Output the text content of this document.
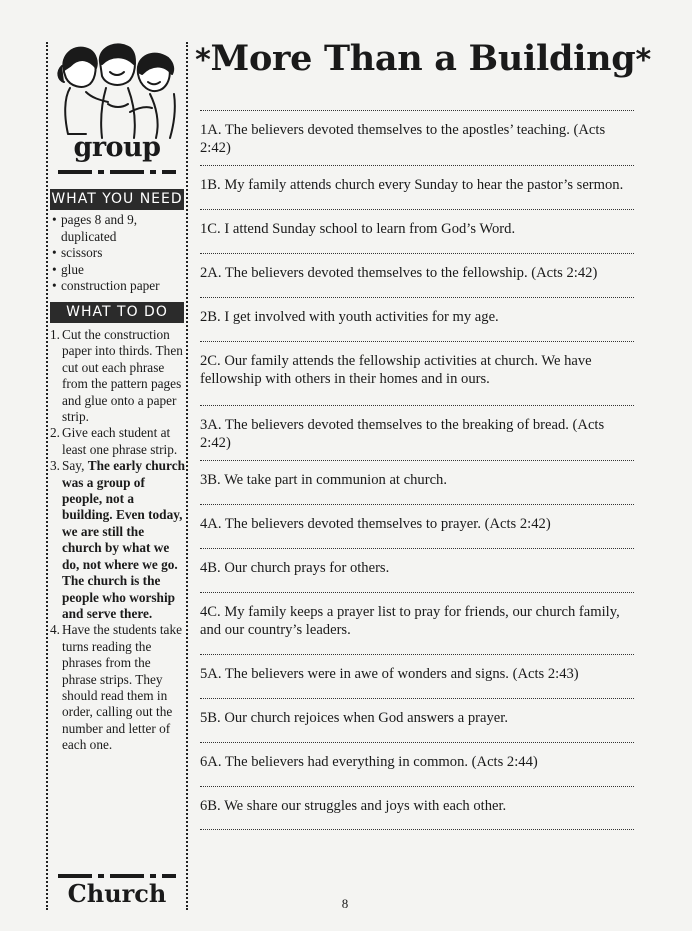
group
WHAT YOU NEED
• pages 8 and 9, duplicated
• scissors
• glue
• construction paper
WHAT TO DO
1. Cut the construction paper into thirds. Then cut out each phrase from the pattern pages and glue onto a paper strip.
2. Give each student at least one phrase strip.
3. Say, The early church was a group of people, not a building. Even today, we are still the church by what we do, not where we go. The church is the people who worship and serve there.
4. Have the students take turns reading the phrases from the phrase strips. They should read them in order, calling out the number and letter of each one.
Church
*More Than a Building*
1A. The believers devoted themselves to the apostles’ teaching. (Acts 2:42)
1B. My family attends church every Sunday to hear the pastor’s sermon.
1C. I attend Sunday school to learn from God’s Word.
2A. The believers devoted themselves to the fellowship. (Acts 2:42)
2B. I get involved with youth activities for my age.
2C. Our family attends the fellowship activities at church. We have fellowship with others in their homes and in ours.
3A. The believers devoted themselves to the breaking of bread. (Acts 2:42)
3B. We take part in communion at church.
4A. The believers devoted themselves to prayer. (Acts 2:42)
4B. Our church prays for others.
4C. My family keeps a prayer list to pray for friends, our church family, and our country’s leaders.
5A. The believers were in awe of wonders and signs. (Acts 2:43)
5B. Our church rejoices when God answers a prayer.
6A. The believers had everything in common. (Acts 2:44)
6B. We share our struggles and joys with each other.
8
